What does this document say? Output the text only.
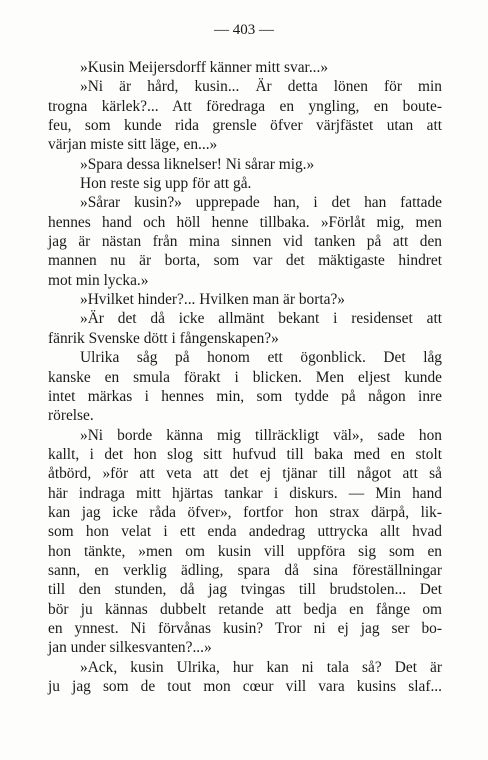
— 403 —
»Kusin Meijersdorff känner mitt svar...»
»Ni är hård, kusin... Är detta lönen för min
trogna kärlek?... Att föredraga en yngling, en boute-
feu, som kunde rida grensle öfver värjfästet utan att
värjan miste sitt läge, en...»
»Spara dessa liknelser! Ni sårar mig.»
Hon reste sig upp för att gå.
»Sårar kusin?» upprepade han, i det han fattade
hennes hand och höll henne tillbaka. »Förlåt mig, men
jag är nästan från mina sinnen vid tanken på att den
mannen nu är borta, som var det mäktigaste hindret
mot min lycka.»
»Hvilket hinder?... Hvilken man är borta?»
»Är det då icke allmänt bekant i residenset att
fänrik Svenske dött i fångenskapen?»
Ulrika såg på honom ett ögonblick. Det låg
kanske en smula förakt i blicken. Men eljest kunde
intet märkas i hennes min, som tydde på någon inre
rörelse.
»Ni borde känna mig tillräckligt väl», sade hon
kallt, i det hon slog sitt hufvud till baka med en stolt
åtbörd, »för att veta att det ej tjänar till något att så
här indraga mitt hjärtas tankar i diskurs. — Min hand
kan jag icke råda öfver», fortfor hon strax därpå, lik-
som hon velat i ett enda andedrag uttrycka allt hvad
hon tänkte, »men om kusin vill uppföra sig som en
sann, en verklig ädling, spara då sina föreställningar
till den stunden, då jag tvingas till brudstolen... Det
bör ju kännas dubbelt retande att bedja en fånge om
en ynnest. Ni förvånas kusin? Tror ni ej jag ser bo-
jan under silkesvanten?...»
»Ack, kusin Ulrika, hur kan ni tala så? Det är
ju jag som de tout mon cœur vill vara kusins slaf...
